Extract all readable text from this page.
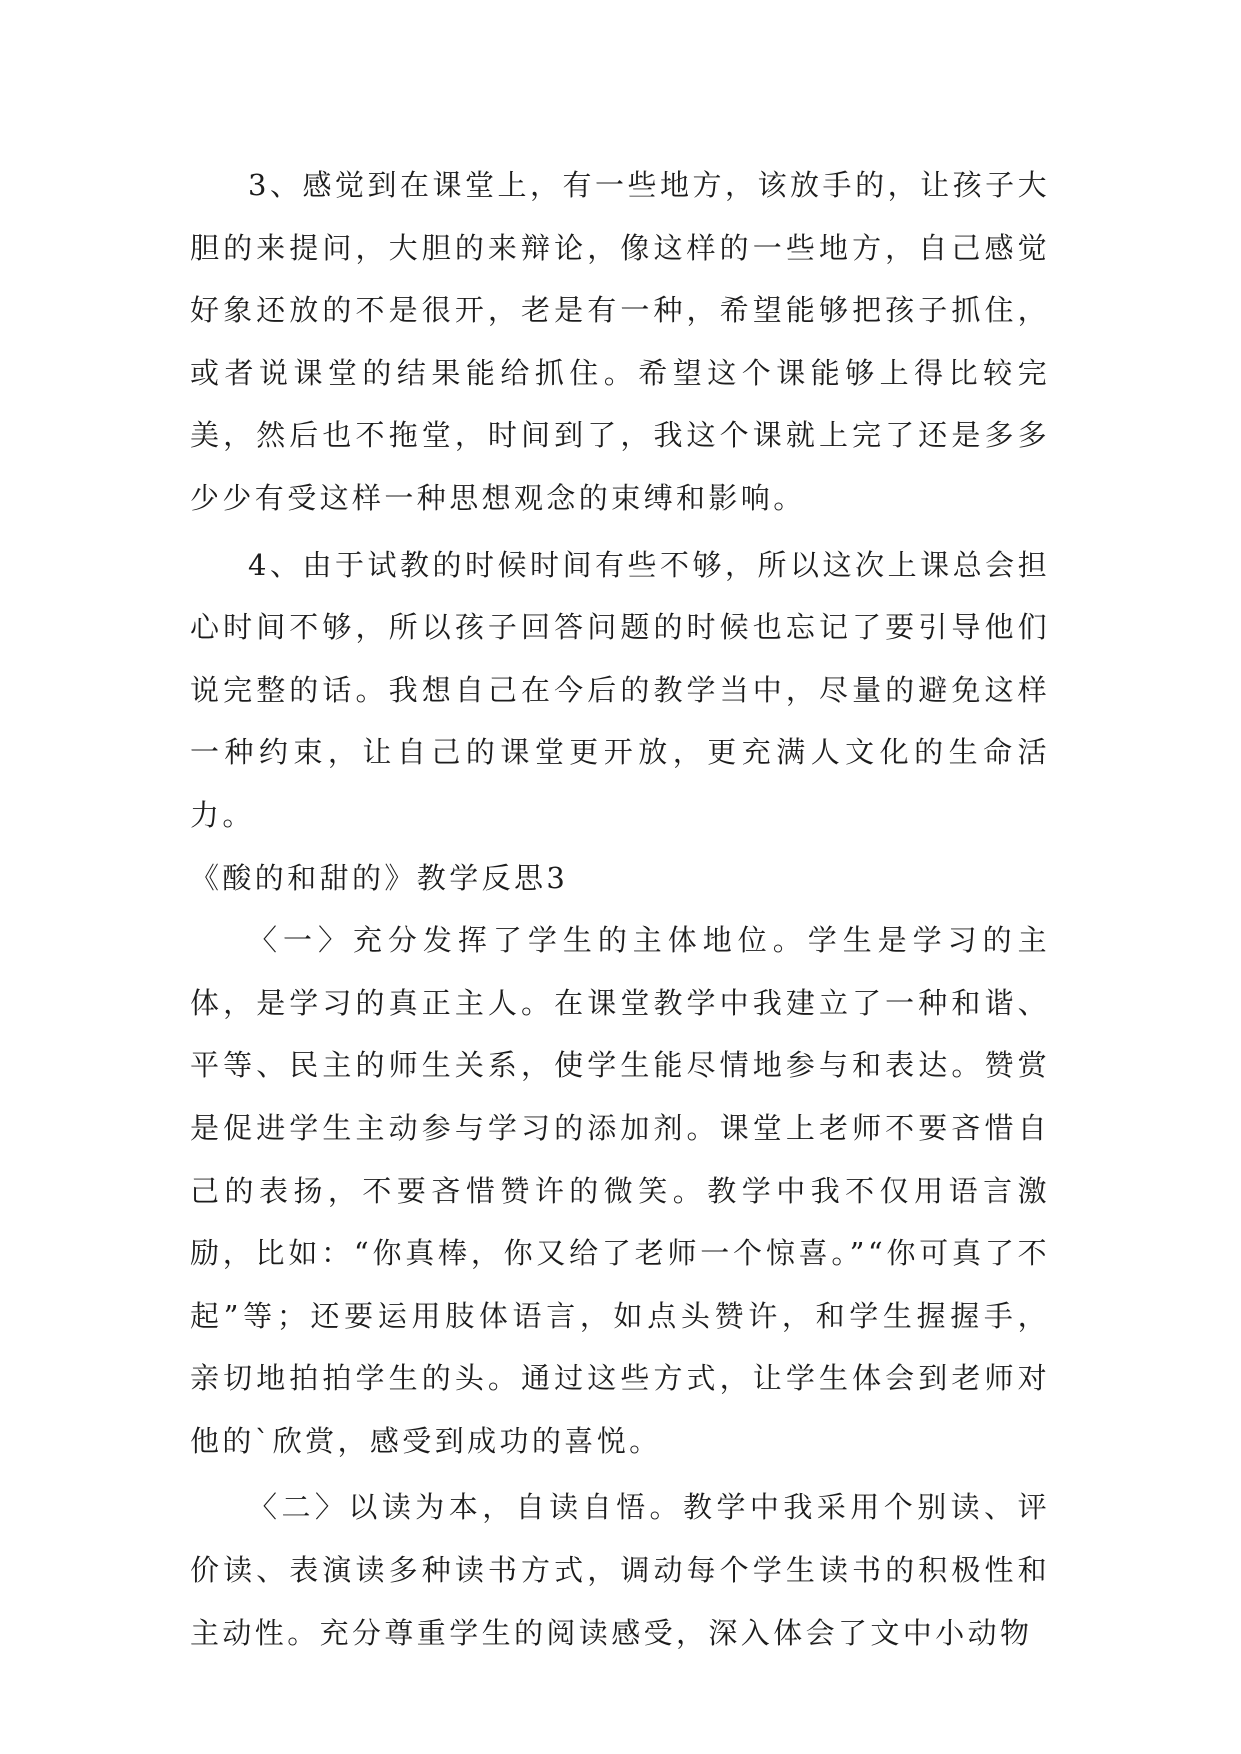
3、感觉到在课堂上，有一些地方，该放手的，让孩子大胆的来提问，大胆的来辩论，像这样的一些地方，自己感觉好象还放的不是很开，老是有一种，希望能够把孩子抓住，或者说课堂的结果能给抓住。希望这个课能够上得比较完美，然后也不拖堂，时间到了，我这个课就上完了还是多多少少有受这样一种思想观念的束缚和影响。

4、由于试教的时候时间有些不够，所以这次上课总会担心时间不够，所以孩子回答问题的时候也忘记了要引导他们说完整的话。我想自己在今后的教学当中，尽量的避免这样一种约束，让自己的课堂更开放，更充满人文化的生命活力。

《酸的和甜的》教学反思3

〈一〉充分发挥了学生的主体地位。学生是学习的主体，是学习的真正主人。在课堂教学中我建立了一种和谐、平等、民主的师生关系，使学生能尽情地参与和表达。赞赏是促进学生主动参与学习的添加剂。课堂上老师不要吝惜自己的表扬，不要吝惜赞许的微笑。教学中我不仅用语言激励，比如：“你真棒，你又给了老师一个惊喜。”“你可真了不起”等；还要运用肢体语言，如点头赞许，和学生握握手，亲切地拍拍学生的头。通过这些方式，让学生体会到老师对他的`欣赏，感受到成功的喜悦。

〈二〉以读为本，自读自悟。教学中我采用个别读、评价读、表演读多种读书方式，调动每个学生读书的积极性和主动性。充分尊重学生的阅读感受，深入体会了文中小动物
